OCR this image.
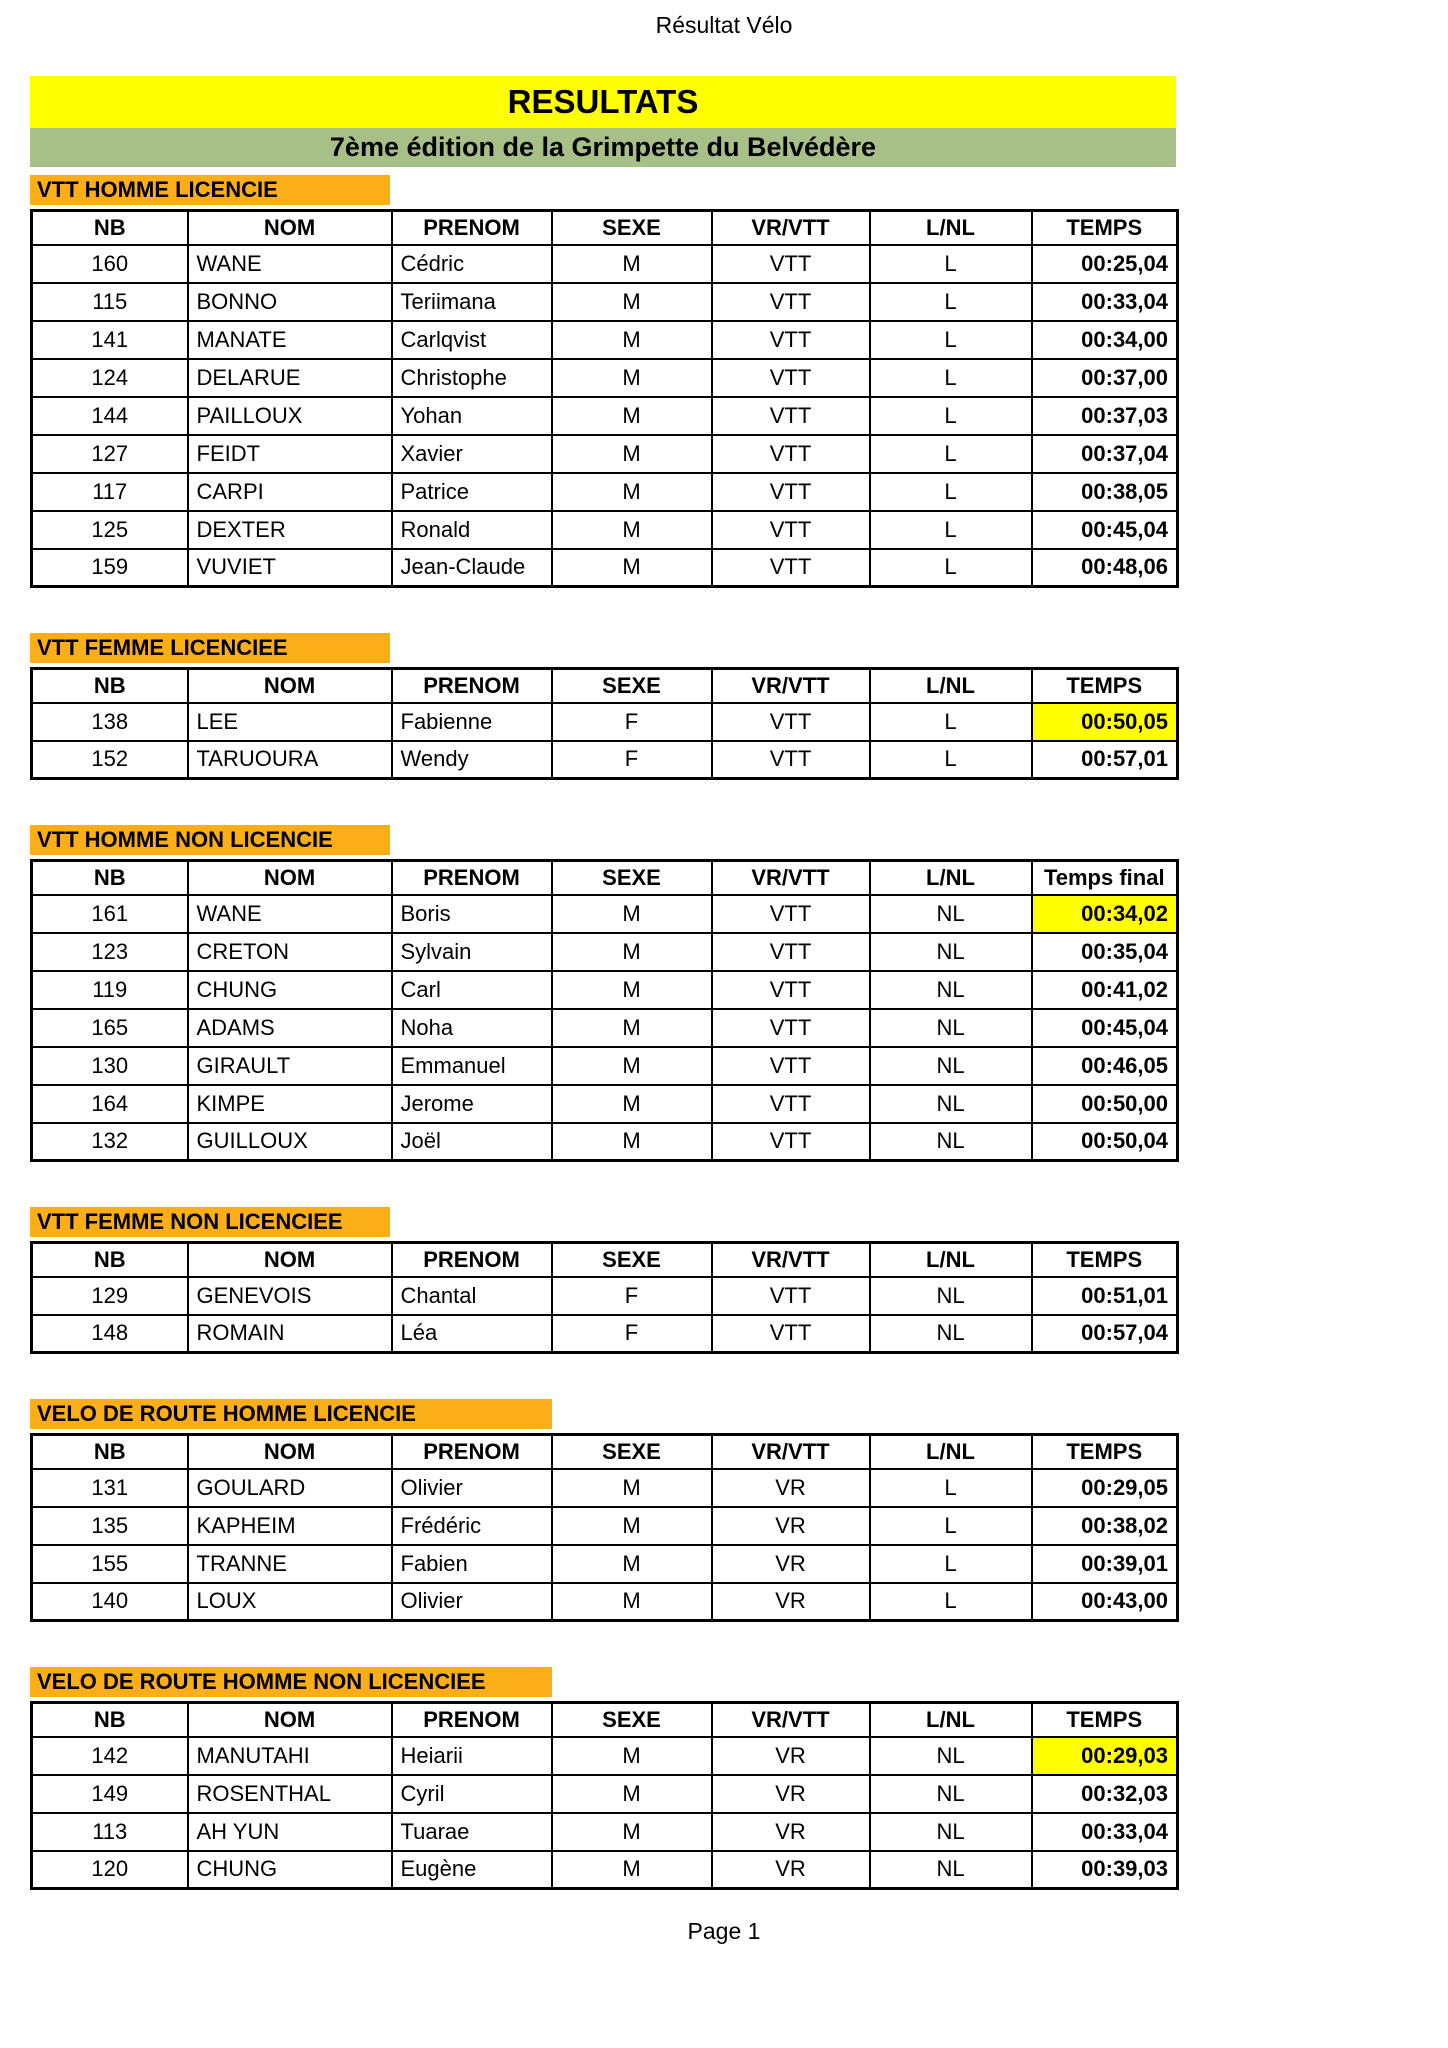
Résultat Vélo
RESULTATS
7ème édition de la Grimpette du Belvédère
VTT HOMME LICENCIE
NB	NOM	PRENOM	SEXE	VR/VTT	L/NL	TEMPS
160	WANE	Cédric	M	VTT	L	00:25,04
115	BONNO	Teriimana	M	VTT	L	00:33,04
141	MANATE	Carlqvist	M	VTT	L	00:34,00
124	DELARUE	Christophe	M	VTT	L	00:37,00
144	PAILLOUX	Yohan	M	VTT	L	00:37,03
127	FEIDT	Xavier	M	VTT	L	00:37,04
117	CARPI	Patrice	M	VTT	L	00:38,05
125	DEXTER	Ronald	M	VTT	L	00:45,04
159	VUVIET	Jean-Claude	M	VTT	L	00:48,06
VTT FEMME LICENCIEE
NB	NOM	PRENOM	SEXE	VR/VTT	L/NL	TEMPS
138	LEE	Fabienne	F	VTT	L	00:50,05
152	TARUOURA	Wendy	F	VTT	L	00:57,01
VTT HOMME NON LICENCIE
NB	NOM	PRENOM	SEXE	VR/VTT	L/NL	Temps final
161	WANE	Boris	M	VTT	NL	00:34,02
123	CRETON	Sylvain	M	VTT	NL	00:35,04
119	CHUNG	Carl	M	VTT	NL	00:41,02
165	ADAMS	Noha	M	VTT	NL	00:45,04
130	GIRAULT	Emmanuel	M	VTT	NL	00:46,05
164	KIMPE	Jerome	M	VTT	NL	00:50,00
132	GUILLOUX	Joël	M	VTT	NL	00:50,04
VTT FEMME NON LICENCIEE
NB	NOM	PRENOM	SEXE	VR/VTT	L/NL	TEMPS
129	GENEVOIS	Chantal	F	VTT	NL	00:51,01
148	ROMAIN	Léa	F	VTT	NL	00:57,04
VELO DE ROUTE HOMME LICENCIE
NB	NOM	PRENOM	SEXE	VR/VTT	L/NL	TEMPS
131	GOULARD	Olivier	M	VR	L	00:29,05
135	KAPHEIM	Frédéric	M	VR	L	00:38,02
155	TRANNE	Fabien	M	VR	L	00:39,01
140	LOUX	Olivier	M	VR	L	00:43,00
VELO DE ROUTE HOMME NON LICENCIEE
NB	NOM	PRENOM	SEXE	VR/VTT	L/NL	TEMPS
142	MANUTAHI	Heiarii	M	VR	NL	00:29,03
149	ROSENTHAL	Cyril	M	VR	NL	00:32,03
113	AH YUN	Tuarae	M	VR	NL	00:33,04
120	CHUNG	Eugène	M	VR	NL	00:39,03
Page 1
